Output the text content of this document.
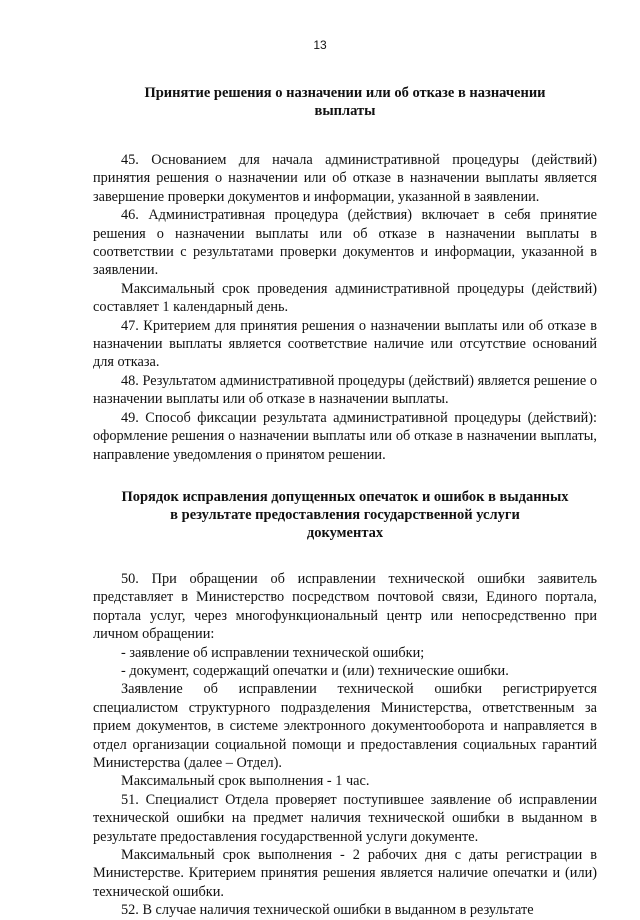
13
Принятие решения о назначении или об отказе в назначении
выплаты

45. Основанием для начала административной процедуры (действий) принятия решения о назначении или об отказе в назначении выплаты является завершение проверки документов и информации, указанной в заявлении.

46. Административная процедура (действия) включает в себя принятие решения о назначении выплаты или об отказе в назначении выплаты в соответствии с результатами проверки документов и информации, указанной в заявлении.

Максимальный срок проведения административной процедуры (действий) составляет 1 календарный день.

47. Критерием для принятия решения о назначении выплаты или об отказе в назначении выплаты является соответствие наличие или отсутствие оснований для отказа.

48. Результатом административной процедуры (действий) является решение о назначении выплаты или об отказе в назначении выплаты.

49. Способ фиксации результата административной процедуры (действий): оформление решения о назначении выплаты или об отказе в назначении выплаты, направление уведомления о принятом решении.

Порядок исправления допущенных опечаток и ошибок в выданных
в результате предоставления государственной услуги
документах

50. При обращении об исправлении технической ошибки заявитель представляет в Министерство посредством почтовой связи, Единого портала, портала услуг, через многофункциональный центр или непосредственно при личном обращении:

- заявление об исправлении технической ошибки;

- документ, содержащий опечатки и (или) технические ошибки.

Заявление об исправлении технической ошибки регистрируется специалистом структурного подразделения Министерства, ответственным за прием документов, в системе электронного документооборота и направляется в отдел организации социальной помощи и предоставления социальных гарантий Министерства (далее – Отдел).

Максимальный срок выполнения - 1 час.

51. Специалист Отдела проверяет поступившее заявление об исправлении технической ошибки на предмет наличия технической ошибки в выданном в результате предоставления государственной услуги документе.

Максимальный срок выполнения - 2 рабочих дня с даты регистрации в Министерстве. Критерием принятия решения является наличие опечатки и (или) технической ошибки.

52. В случае наличия технической ошибки в выданном в результате
